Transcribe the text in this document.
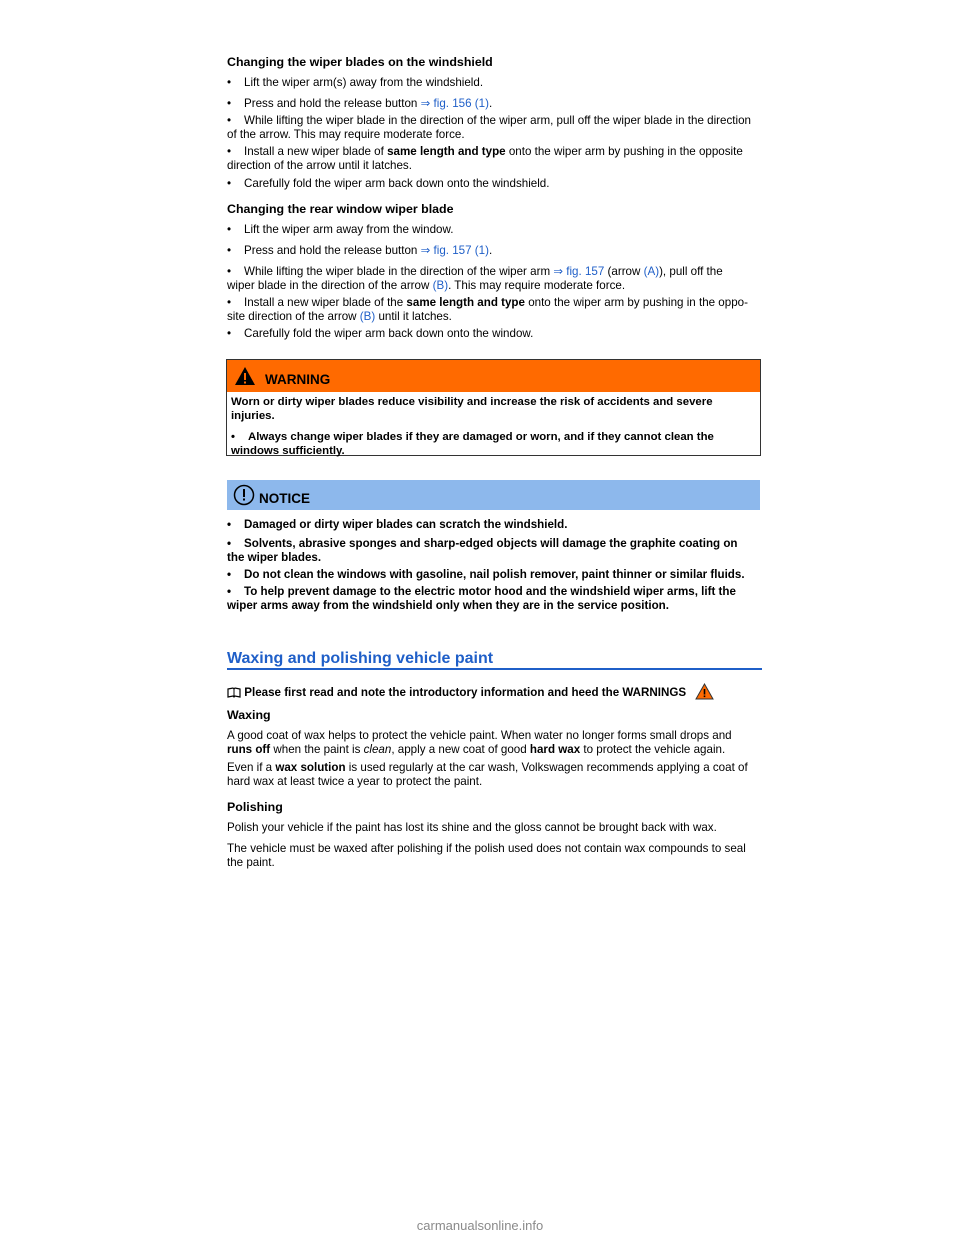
Changing the wiper blades on the windshield
• Lift the wiper arm(s) away from the windshield.
• Press and hold the release button ⇒ fig. 156 (1).
• While lifting the wiper blade in the direction of the wiper arm, pull off the wiper blade in the direction
of the arrow. This may require moderate force.
• Install a new wiper blade of same length and type onto the wiper arm by pushing in the opposite
direction of the arrow until it latches.
• Carefully fold the wiper arm back down onto the windshield.
Changing the rear window wiper blade
• Lift the wiper arm away from the window.
• Press and hold the release button ⇒ fig. 157 (1).
• While lifting the wiper blade in the direction of the wiper arm ⇒ fig. 157 (arrow (A)), pull off the
wiper blade in the direction of the arrow (B). This may require moderate force.
• Install a new wiper blade of the same length and type onto the wiper arm by pushing in the oppo-
site direction of the arrow (B) until it latches.
• Carefully fold the wiper arm back down onto the window.
WARNING

Worn or dirty wiper blades reduce visibility and increase the risk of accidents and severe
injuries.

• Always change wiper blades if they are damaged or worn, and if they cannot clean the
windows sufficiently.

NOTICE
• Damaged or dirty wiper blades can scratch the windshield.
• Solvents, abrasive sponges and sharp-edged objects will damage the graphite coating on
the wiper blades.
• Do not clean the windows with gasoline, nail polish remover, paint thinner or similar fluids.
• To help prevent damage to the electric motor hood and the windshield wiper arms, lift the
wiper arms away from the windshield only when they are in the service position.
Waxing and polishing vehicle paint
Please first read and note the introductory information and heed the WARNINGS
Waxing

A good coat of wax helps to protect the vehicle paint. When water no longer forms small drops and
runs off when the paint is clean, apply a new coat of good hard wax to protect the vehicle again.

Even if a wax solution is used regularly at the car wash, Volkswagen recommends applying a coat of
hard wax at least twice a year to protect the paint.

Polishing

Polish your vehicle if the paint has lost its shine and the gloss cannot be brought back with wax.

The vehicle must be waxed after polishing if the polish used does not contain wax compounds to seal
the paint.

carmanualsonline.info
